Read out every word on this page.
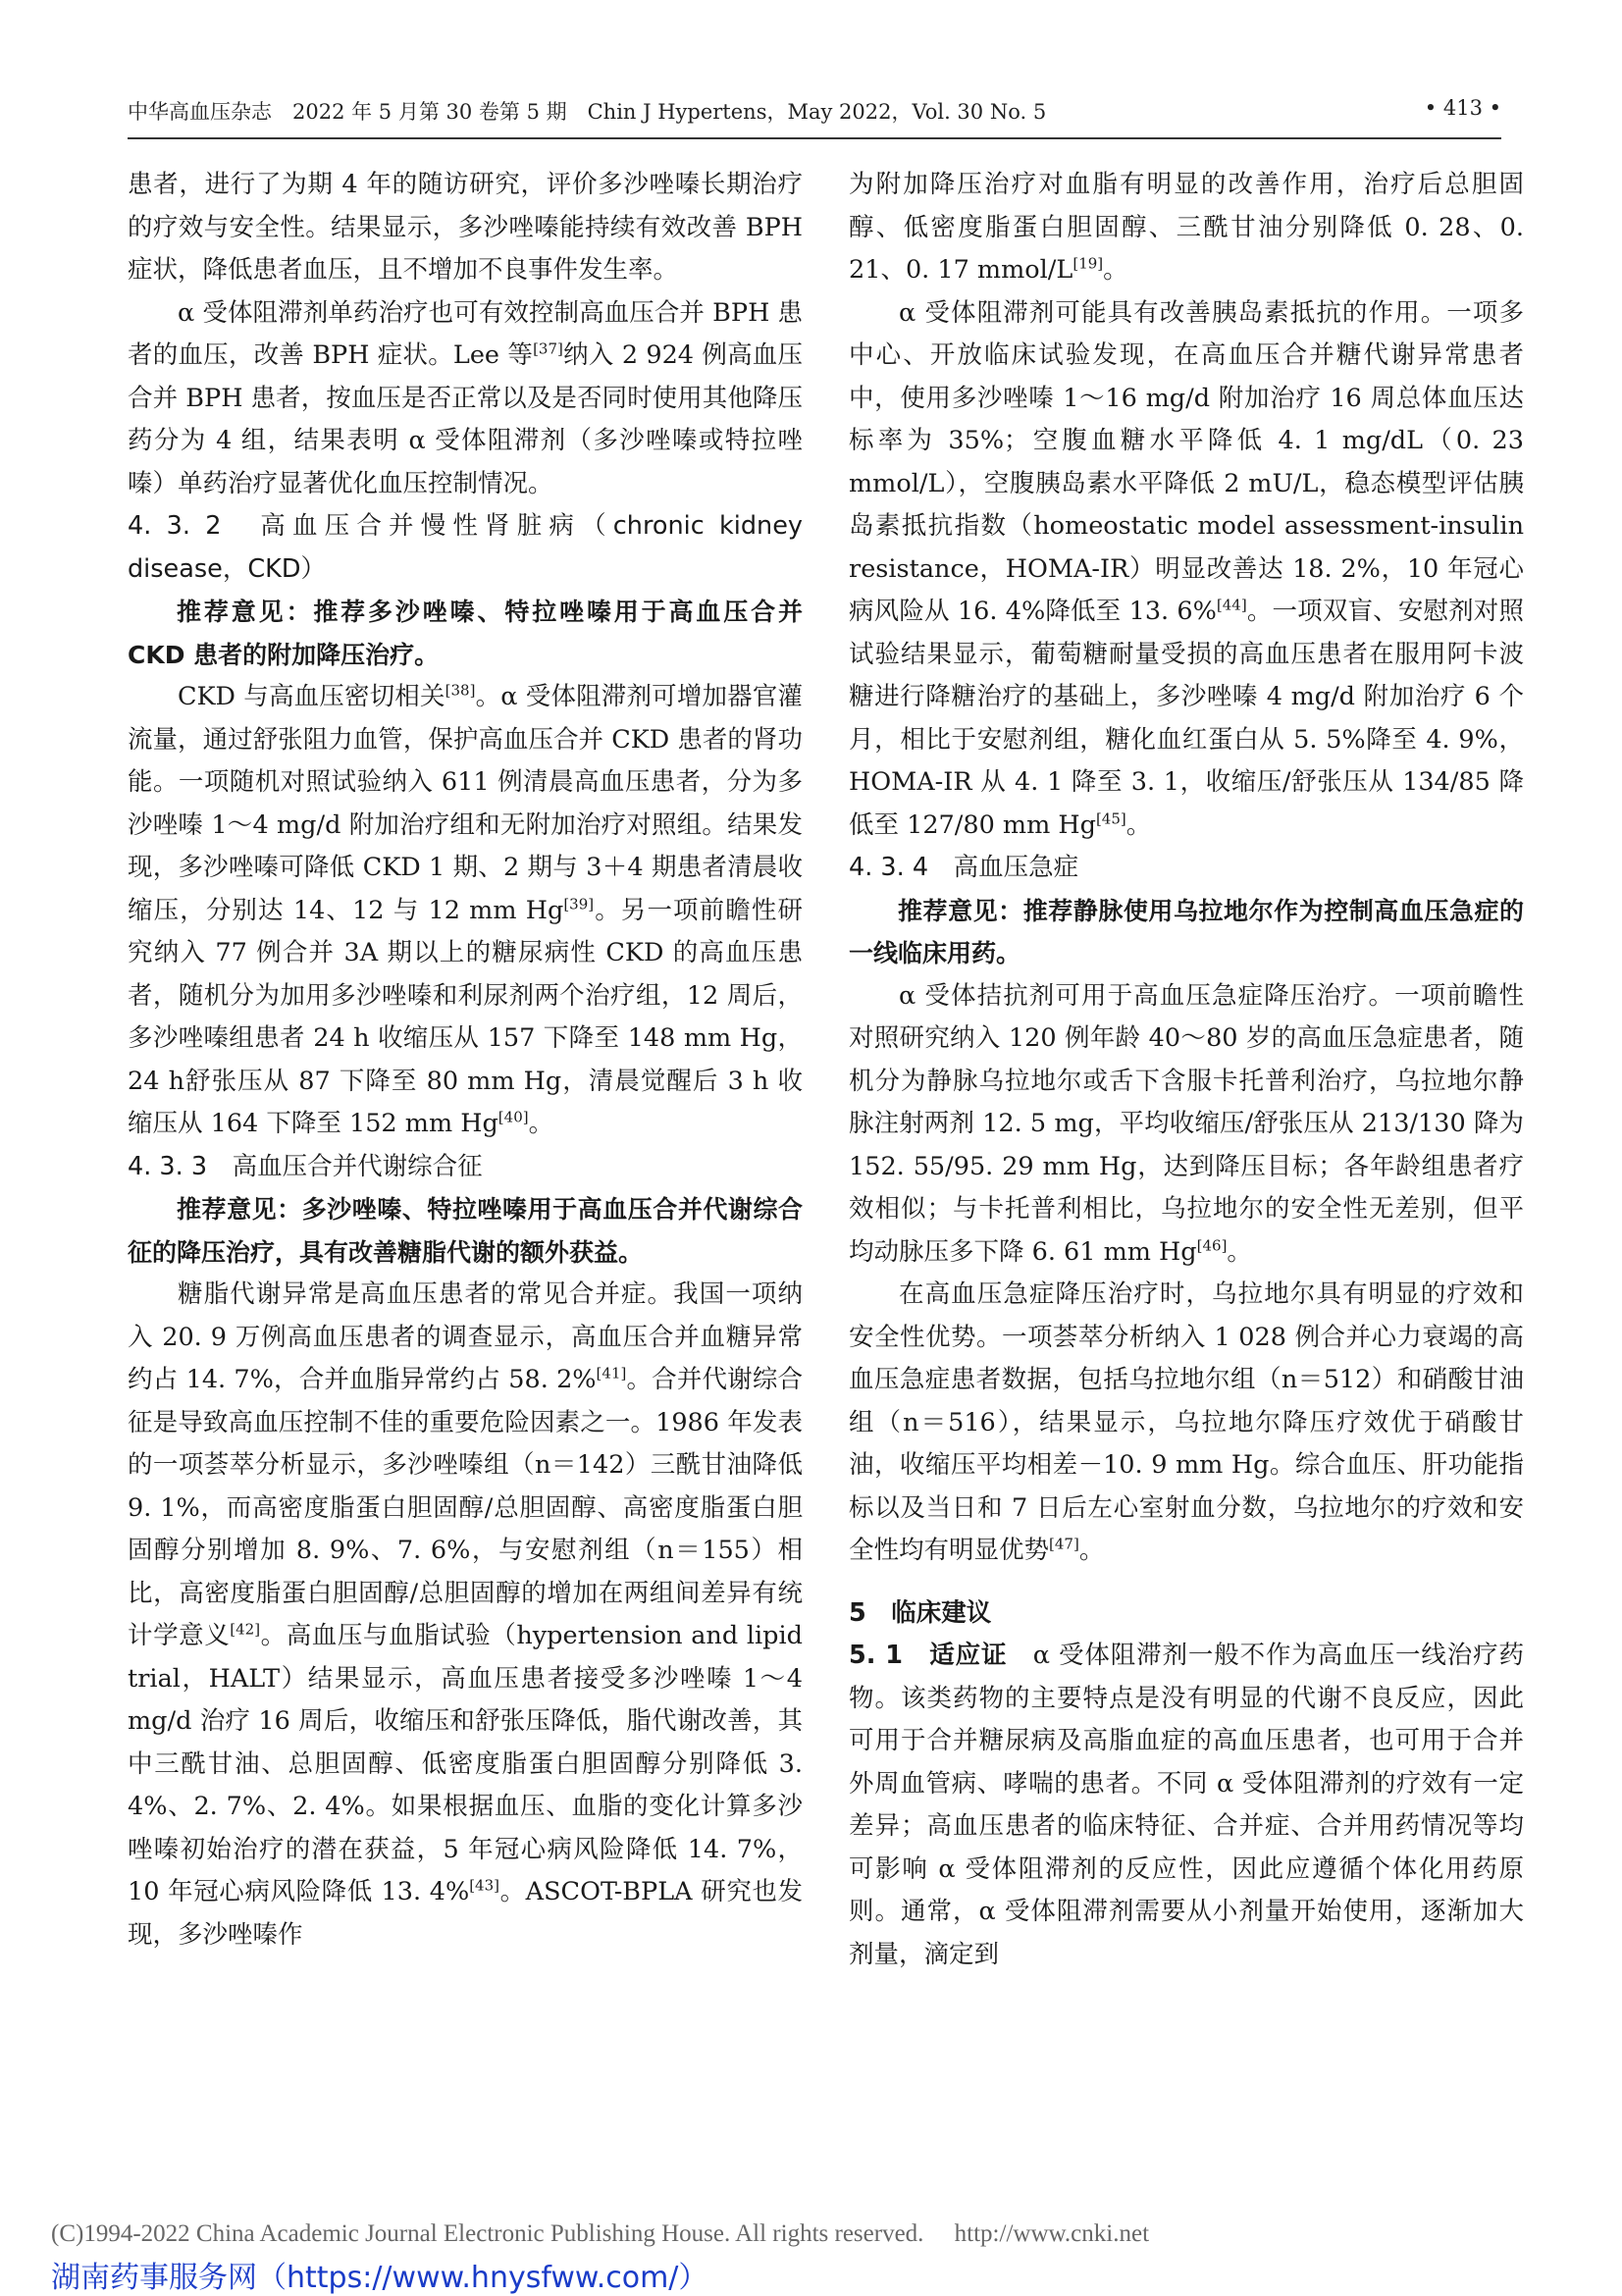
中华高血压杂志　2022 年 5 月第 30 卷第 5 期　Chin J Hypertens，May 2022，Vol. 30 No. 5	• 413 •

患者，进行了为期 4 年的随访研究，评价多沙唑嗪长期治疗的疗效与安全性。结果显示，多沙唑嗪能持续有效改善 BPH 症状，降低患者血压，且不增加不良事件发生率。

α 受体阻滞剂单药治疗也可有效控制高血压合并 BPH 患者的血压，改善 BPH 症状。Lee 等[37]纳入 2 924 例高血压合并 BPH 患者，按血压是否正常以及是否同时使用其他降压药分为 4 组，结果表明 α 受体阻滞剂（多沙唑嗪或特拉唑嗪）单药治疗显著优化血压控制情况。

4. 3. 2　高血压合并慢性肾脏病（chronic kidney disease，CKD）

推荐意见：推荐多沙唑嗪、特拉唑嗪用于高血压合并 CKD 患者的附加降压治疗。

CKD 与高血压密切相关[38]。α 受体阻滞剂可增加器官灌流量，通过舒张阻力血管，保护高血压合并 CKD 患者的肾功能。一项随机对照试验纳入 611 例清晨高血压患者，分为多沙唑嗪 1～4 mg/d 附加治疗组和无附加治疗对照组。结果发现，多沙唑嗪可降低 CKD 1 期、2 期与 3＋4 期患者清晨收缩压，分别达 14、12 与 12 mm Hg[39]。另一项前瞻性研究纳入 77 例合并 3A 期以上的糖尿病性 CKD 的高血压患者，随机分为加用多沙唑嗪和利尿剂两个治疗组，12 周后，多沙唑嗪组患者 24 h 收缩压从 157 下降至 148 mm Hg，24 h舒张压从 87 下降至 80 mm Hg，清晨觉醒后 3 h 收缩压从 164 下降至 152 mm Hg[40]。

4. 3. 3　高血压合并代谢综合征

推荐意见：多沙唑嗪、特拉唑嗪用于高血压合并代谢综合征的降压治疗，具有改善糖脂代谢的额外获益。

糖脂代谢异常是高血压患者的常见合并症。我国一项纳入 20. 9 万例高血压患者的调查显示，高血压合并血糖异常约占 14. 7%，合并血脂异常约占 58. 2%[41]。合并代谢综合征是导致高血压控制不佳的重要危险因素之一。1986 年发表的一项荟萃分析显示，多沙唑嗪组（n＝142）三酰甘油降低 9. 1%，而高密度脂蛋白胆固醇/总胆固醇、高密度脂蛋白胆固醇分别增加 8. 9%、7. 6%，与安慰剂组（n＝155）相比，高密度脂蛋白胆固醇/总胆固醇的增加在两组间差异有统计学意义[42]。高血压与血脂试验（hypertension and lipid trial，HALT）结果显示，高血压患者接受多沙唑嗪 1～4 mg/d 治疗 16 周后，收缩压和舒张压降低，脂代谢改善，其中三酰甘油、总胆固醇、低密度脂蛋白胆固醇分别降低 3. 4%、2. 7%、2. 4%。如果根据血压、血脂的变化计算多沙唑嗪初始治疗的潜在获益，5 年冠心病风险降低 14. 7%，10 年冠心病风险降低 13. 4%[43]。ASCOT-BPLA 研究也发现，多沙唑嗪作

为附加降压治疗对血脂有明显的改善作用，治疗后总胆固醇、低密度脂蛋白胆固醇、三酰甘油分别降低 0. 28、0. 21、0. 17 mmol/L[19]。

α 受体阻滞剂可能具有改善胰岛素抵抗的作用。一项多中心、开放临床试验发现，在高血压合并糖代谢异常患者中，使用多沙唑嗪 1～16 mg/d 附加治疗 16 周总体血压达标率为 35%；空腹血糖水平降低 4. 1 mg/dL（0. 23 mmol/L），空腹胰岛素水平降低 2 mU/L，稳态模型评估胰岛素抵抗指数（homeostatic model assessment-insulin resistance，HOMA-IR）明显改善达 18. 2%，10 年冠心病风险从 16. 4%降低至 13. 6%[44]。一项双盲、安慰剂对照试验结果显示，葡萄糖耐量受损的高血压患者在服用阿卡波糖进行降糖治疗的基础上，多沙唑嗪 4 mg/d 附加治疗 6 个月，相比于安慰剂组，糖化血红蛋白从 5. 5%降至 4. 9%，HOMA-IR 从 4. 1 降至 3. 1，收缩压/舒张压从 134/85 降低至 127/80 mm Hg[45]。

4. 3. 4　高血压急症

推荐意见：推荐静脉使用乌拉地尔作为控制高血压急症的一线临床用药。

α 受体拮抗剂可用于高血压急症降压治疗。一项前瞻性对照研究纳入 120 例年龄 40～80 岁的高血压急症患者，随机分为静脉乌拉地尔或舌下含服卡托普利治疗，乌拉地尔静脉注射两剂 12. 5 mg，平均收缩压/舒张压从 213/130 降为 152. 55/95. 29 mm Hg，达到降压目标；各年龄组患者疗效相似；与卡托普利相比，乌拉地尔的安全性无差别，但平均动脉压多下降 6. 61 mm Hg[46]。

在高血压急症降压治疗时，乌拉地尔具有明显的疗效和安全性优势。一项荟萃分析纳入 1 028 例合并心力衰竭的高血压急症患者数据，包括乌拉地尔组（n＝512）和硝酸甘油组（n＝516），结果显示，乌拉地尔降压疗效优于硝酸甘油，收缩压平均相差－10. 9 mm Hg。综合血压、肝功能指标以及当日和 7 日后左心室射血分数，乌拉地尔的疗效和安全性均有明显优势[47]。

5　临床建议

5. 1　适应证　α 受体阻滞剂一般不作为高血压一线治疗药物。该类药物的主要特点是没有明显的代谢不良反应，因此可用于合并糖尿病及高脂血症的高血压患者，也可用于合并外周血管病、哮喘的患者。不同 α 受体阻滞剂的疗效有一定差异；高血压患者的临床特征、合并症、合并用药情况等均可影响 α 受体阻滞剂的反应性，因此应遵循个体化用药原则。通常，α 受体阻滞剂需要从小剂量开始使用，逐渐加大剂量，滴定到

(C)1994-2022 China Academic Journal Electronic Publishing House. All rights reserved.　 http://www.cnki.net
湖南药事服务网（https://www.hnysfww.com/）
